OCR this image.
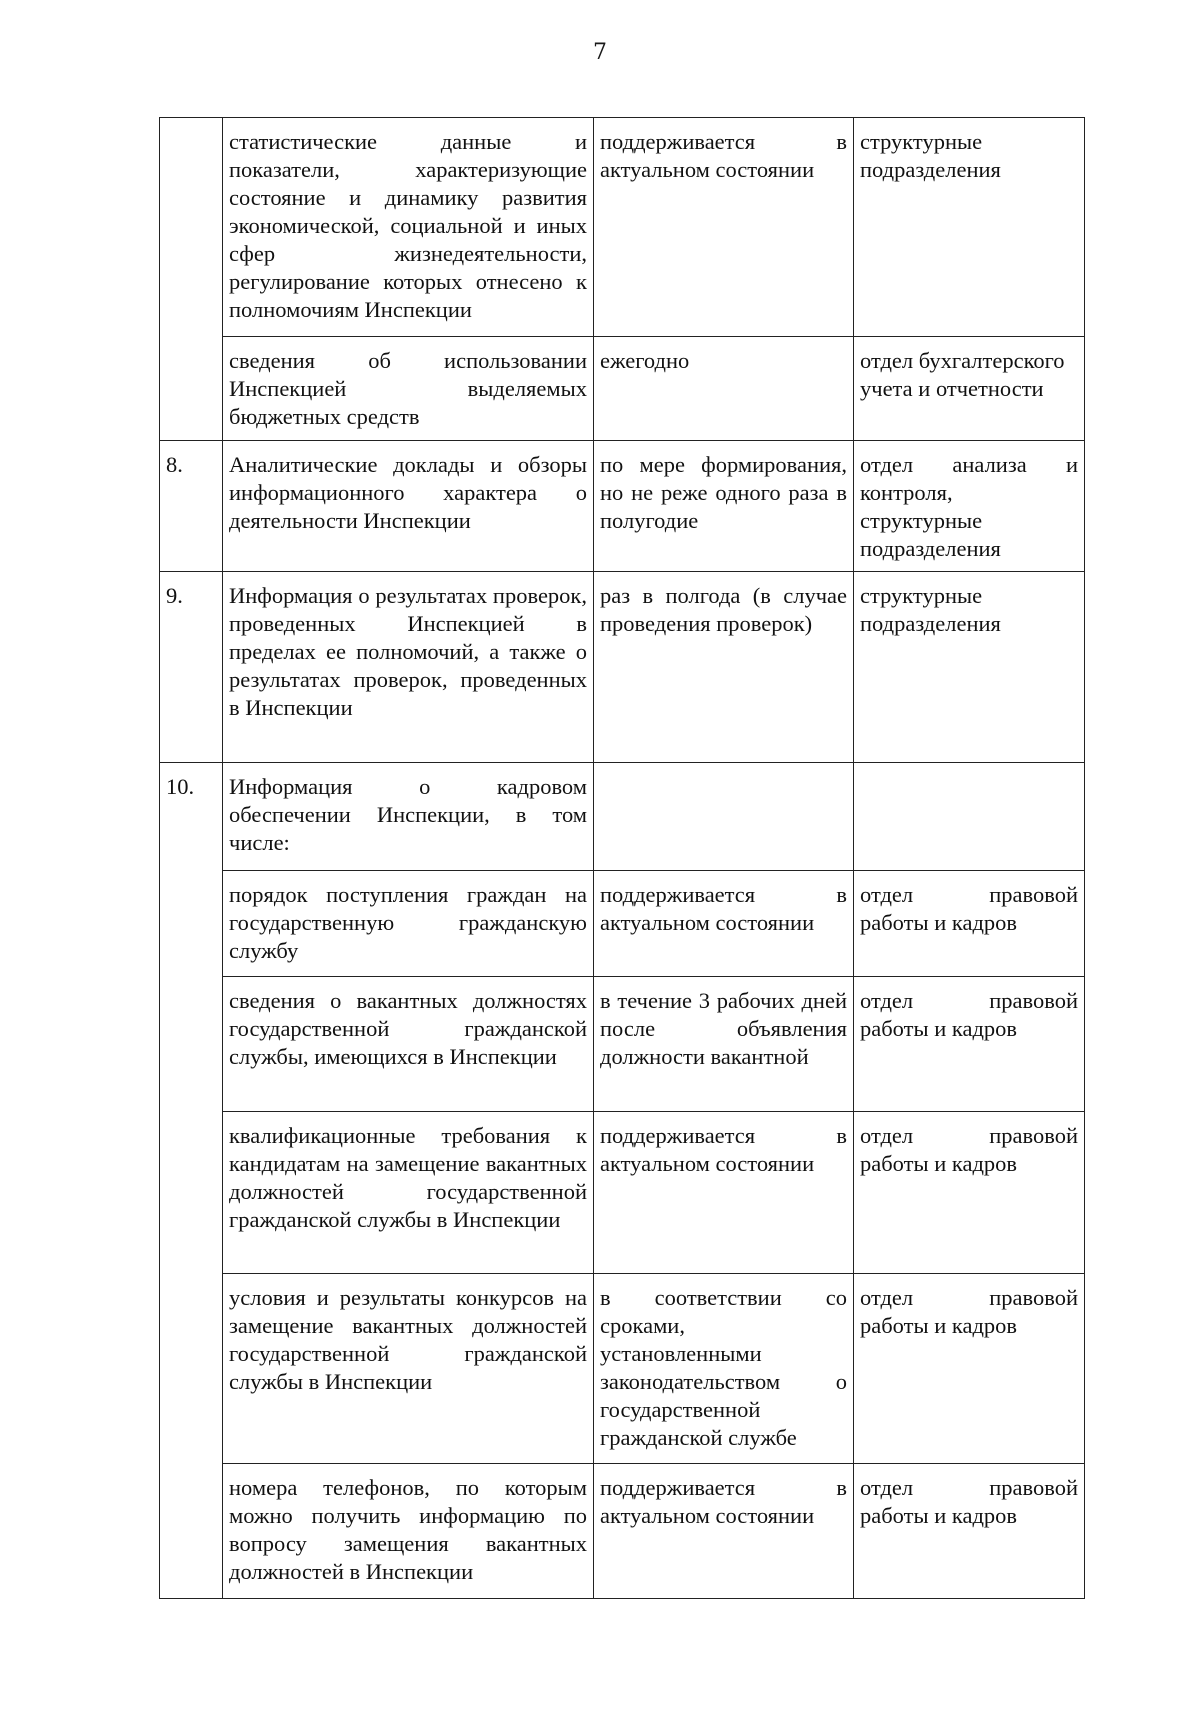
7
	статистические данные и показатели, характеризующие состояние и динамику развития экономической, социальной и иных сфер жизнедеятельности, регулирование которых отнесено к полномочиям Инспекции	поддерживается в актуальном состоянии	структурные подразделения
	сведения об использовании Инспекцией выделяемых бюджетных средств	ежегодно	отдел бухгалтерского учета и отчетности
8.	Аналитические доклады и обзоры информационного характера о деятельности Инспекции	по мере формирования, но не реже одного раза в полугодие	отдел анализа и контроля, структурные подразделения
9.	Информация о результатах проверок, проведенных Инспекцией в пределах ее полномочий, а также о результатах проверок, проведенных в Инспекции	раз в полгода (в случае проведения проверок)	структурные подразделения
10.	Информация о кадровом обеспечении Инспекции, в том числе:		
	порядок поступления граждан на государственную гражданскую службу	поддерживается в актуальном состоянии	отдел правовой работы и кадров
	сведения о вакантных должностях государственной гражданской службы, имеющихся в Инспекции	в течение 3 рабочих дней после объявления должности вакантной	отдел правовой работы и кадров
	квалификационные требования к кандидатам на замещение вакантных должностей государственной гражданской службы в Инспекции	поддерживается в актуальном состоянии	отдел правовой работы и кадров
	условия и результаты конкурсов на замещение вакантных должностей государственной гражданской службы в Инспекции	в соответствии со сроками, установленными законодательством о государственной гражданской службе	отдел правовой работы и кадров
	номера телефонов, по которым можно получить информацию по вопросу замещения вакантных должностей в Инспекции	поддерживается в актуальном состоянии	отдел правовой работы и кадров
